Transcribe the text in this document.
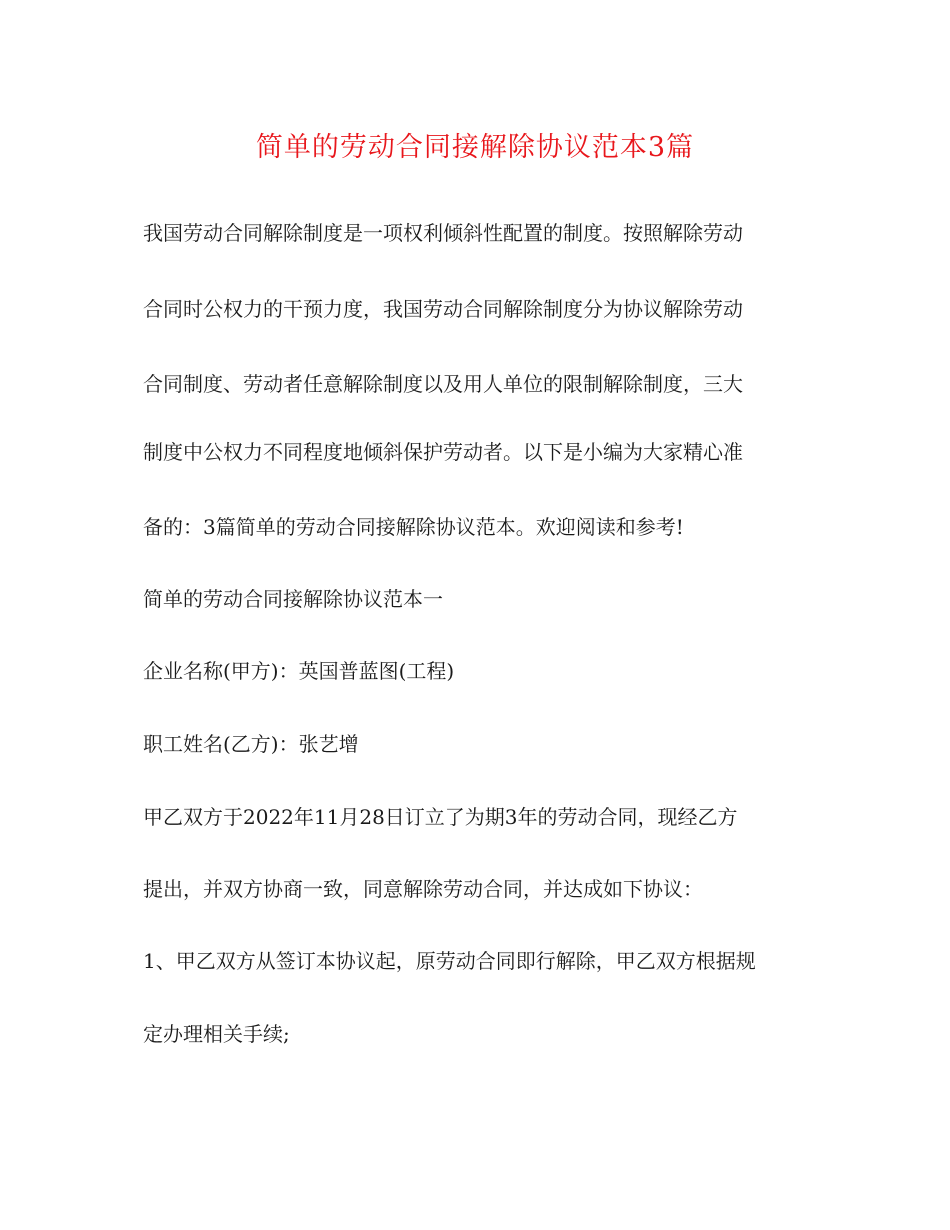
简单的劳动合同接解除协议范本3篇
我国劳动合同解除制度是一项权利倾斜性配置的制度。按照解除劳动
合同时公权力的干预力度，我国劳动合同解除制度分为协议解除劳动
合同制度、劳动者任意解除制度以及用人单位的限制解除制度，三大
制度中公权力不同程度地倾斜保护劳动者。以下是小编为大家精心准
备的：3篇简单的劳动合同接解除协议范本。欢迎阅读和参考!
简单的劳动合同接解除协议范本一
企业名称(甲方)：英国普蓝图(工程)
职工姓名(乙方)：张艺增
甲乙双方于2022年11月28日订立了为期3年的劳动合同，现经乙方
提出，并双方协商一致，同意解除劳动合同，并达成如下协议：
1、甲乙双方从签订本协议起，原劳动合同即行解除，甲乙双方根据规
定办理相关手续;
